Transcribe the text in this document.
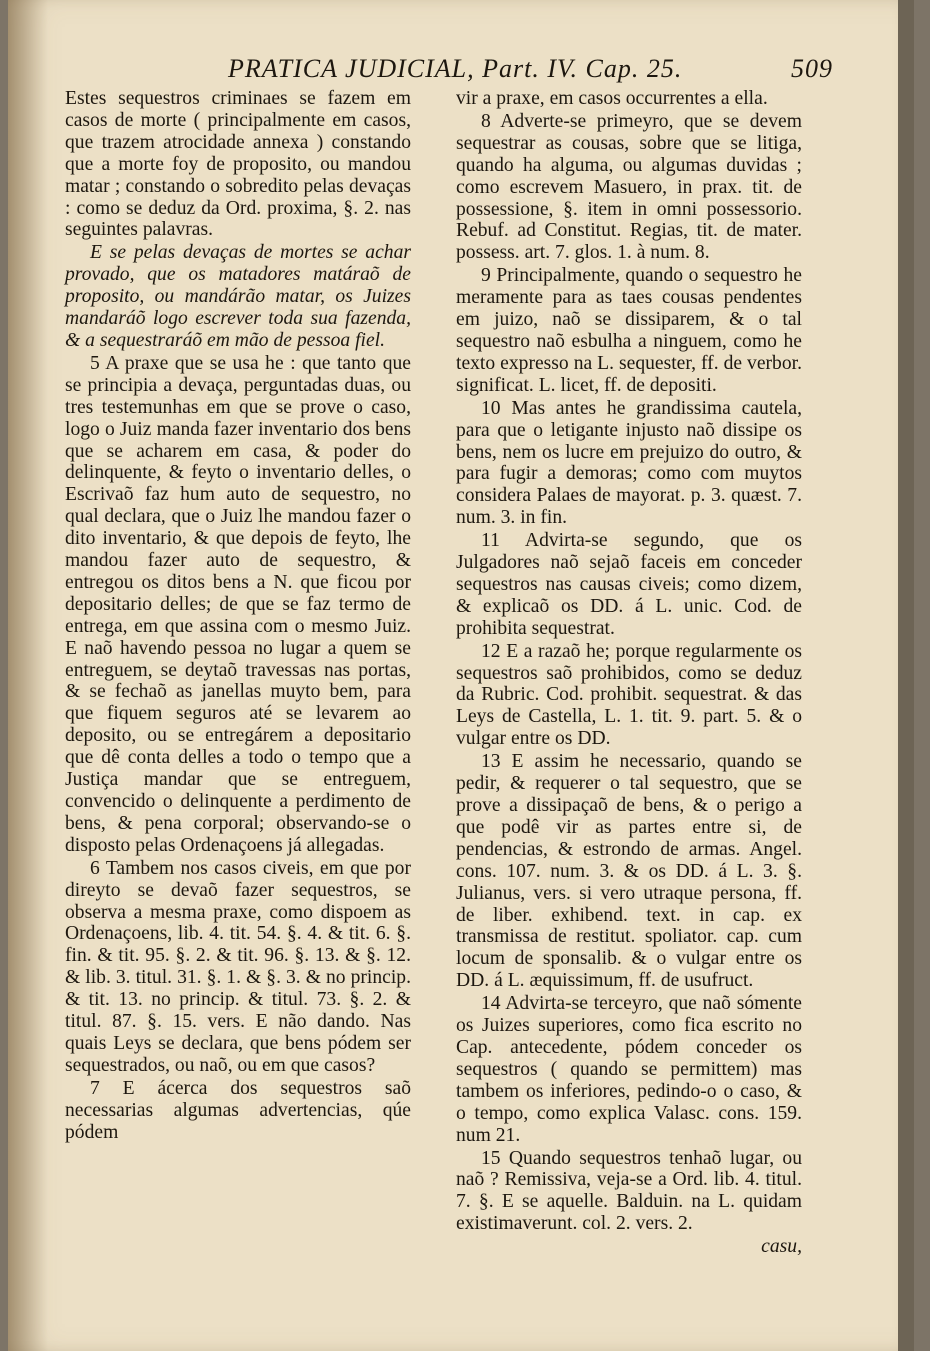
PRATICA JUDICIAL, Part. IV. Cap. 25.	509

Estes sequestros criminaes se fazem em casos de morte ( principalmente em casos, que trazem atrocidade annexa ) constando que a morte foy de proposito, ou mandou matar ; constando o sobredito pelas devaças : como se deduz da Ord. proxima, §. 2. nas seguintes palavras.

E se pelas devaças de mortes se achar provado, que os matadores matáraõ de proposito, ou mandárão matar, os Juizes mandaráõ logo escrever toda sua fazenda, & a sequestraráõ em mão de pessoa fiel.

5 A praxe que se usa he : que tanto que se principia a devaça, perguntadas duas, ou tres testemunhas em que se prove o caso, logo o Juiz manda fazer inventario dos bens que se acharem em casa, & poder do delinquente, & feyto o inventario delles, o Escrivaõ faz hum auto de sequestro, no qual declara, que o Juiz lhe mandou fazer o dito inventario, & que depois de feyto, lhe mandou fazer auto de sequestro, & entregou os ditos bens a N. que ficou por depositario delles; de que se faz termo de entrega, em que assina com o mesmo Juiz. E naõ havendo pessoa no lugar a quem se entreguem, se deytaõ travessas nas portas, & se fechaõ as janellas muyto bem, para que fiquem seguros até se levarem ao deposito, ou se entregárem a depositario que dê conta delles a todo o tempo que a Justiça mandar que se entreguem, convencido o delinquente a perdimento de bens, & pena corporal; observando-se o disposto pelas Ordenaçoens já allegadas.

6 Tambem nos casos civeis, em que por direyto se devaõ fazer sequestros, se observa a mesma praxe, como dispoem as Ordenaçoens, lib. 4. tit. 54. §. 4. & tit. 6. §. fin. & tit. 95. §. 2. & tit. 96. §. 13. & §. 12. & lib. 3. titul. 31. §. 1. & §. 3. & no princip. & tit. 13. no princip. & titul. 73. §. 2. & titul. 87. §. 15. vers. E não dando. Nas quais Leys se declara, que bens pódem ser sequestrados, ou naõ, ou em que casos?

7 E ácerca dos sequestros saõ necessarias algumas advertencias, qúe pódem

vir a praxe, em casos occurrentes a ella.

8 Adverte-se primeyro, que se devem sequestrar as cousas, sobre que se litiga, quando ha alguma, ou algumas duvidas ; como escrevem Masuero, in prax. tit. de possessione, §. item in omni possessorio. Rebuf. ad Constitut. Regias, tit. de mater. possess. art. 7. glos. 1. à num. 8.

9 Principalmente, quando o sequestro he meramente para as taes cousas pendentes em juizo, naõ se dissiparem, & o tal sequestro naõ esbulha a ninguem, como he texto expresso na L. sequester, ff. de verbor. significat. L. licet, ff. de depositi.

10 Mas antes he grandissima cautela, para que o letigante injusto naõ dissipe os bens, nem os lucre em prejuizo do outro, & para fugir a demoras; como com muytos considera Palaes de mayorat. p. 3. quæst. 7. num. 3. in fin.

11 Advirta-se segundo, que os Julgadores naõ sejaõ faceis em conceder sequestros nas causas civeis; como dizem, & explicaõ os DD. á L. unic. Cod. de prohibita sequestrat.

12 E a razaõ he; porque regularmente os sequestros saõ prohibidos, como se deduz da Rubric. Cod. prohibit. sequestrat. & das Leys de Castella, L. 1. tit. 9. part. 5. & o vulgar entre os DD.

13 E assim he necessario, quando se pedir, & requerer o tal sequestro, que se prove a dissipaçaõ de bens, & o perigo a que podê vir as partes entre si, de pendencias, & estrondo de armas. Angel. cons. 107. num. 3. & os DD. á L. 3. §. Julianus, vers. si vero utraque persona, ff. de liber. exhibend. text. in cap. ex transmissa de restitut. spoliator. cap. cum locum de sponsalib. & o vulgar entre os DD. á L. æquissimum, ff. de usufruct.

14 Advirta-se terceyro, que naõ sómente os Juizes superiores, como fica escrito no Cap. antecedente, pódem conceder os sequestros ( quando se permittem) mas tambem os inferiores, pedindo-o o caso, & o tempo, como explica Valasc. cons. 159. num 21.

15 Quando sequestros tenhaõ lugar, ou naõ ? Remissiva, veja-se a Ord. lib. 4. titul. 7. §. E se aquelle. Balduin. na L. quidam existimaverunt. col. 2. vers. 2.

casu,
